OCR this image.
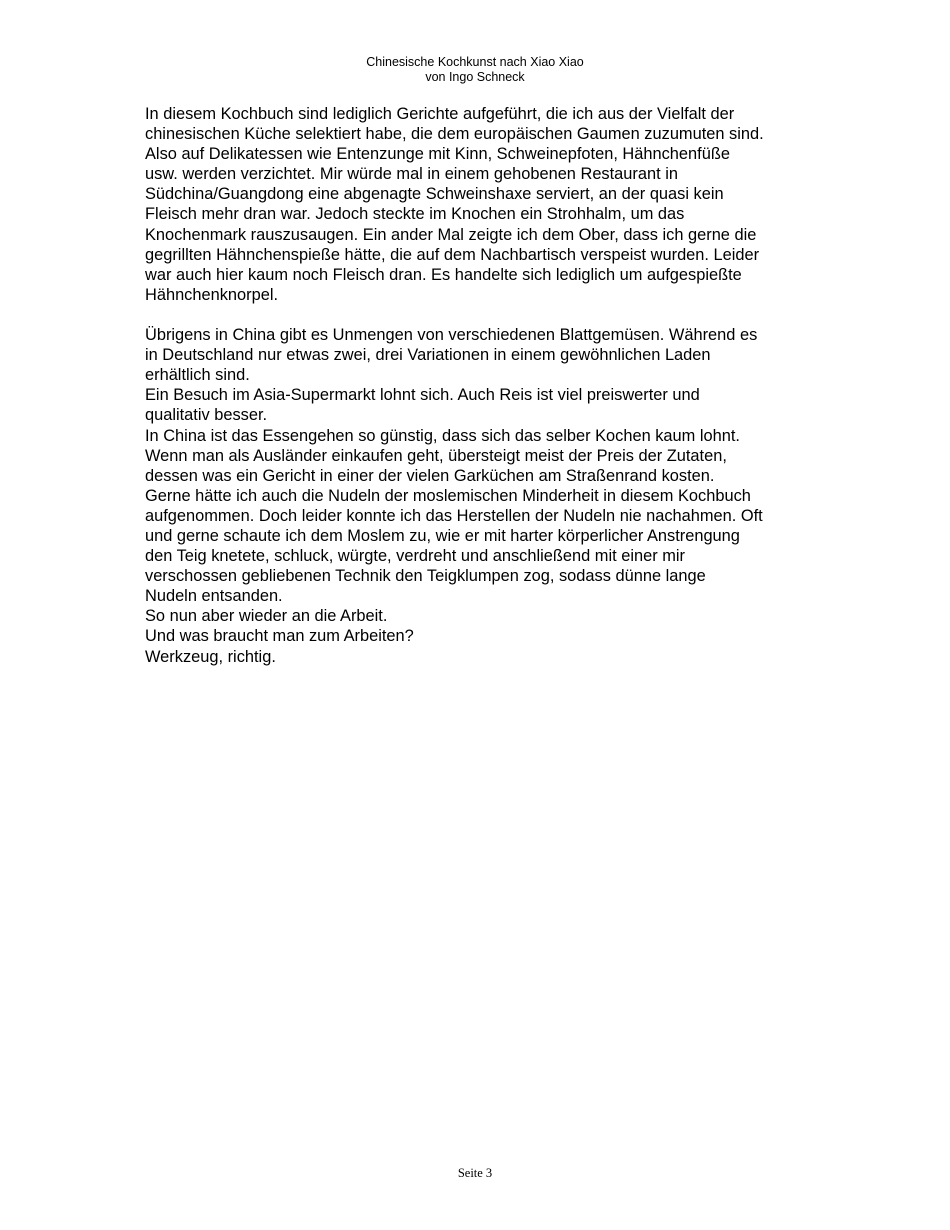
Chinesische Kochkunst nach Xiao Xiao
von Ingo Schneck
In diesem Kochbuch sind lediglich Gerichte aufgeführt, die ich aus der Vielfalt der
chinesischen Küche selektiert habe, die dem europäischen Gaumen zuzumuten sind.
Also auf Delikatessen wie Entenzunge mit Kinn, Schweinepfoten, Hähnchenfüße
usw. werden verzichtet. Mir würde mal in einem gehobenen Restaurant in
Südchina/Guangdong eine abgenagte Schweinshaxe serviert, an der quasi kein
Fleisch mehr dran war. Jedoch steckte im Knochen ein Strohhalm, um das
Knochenmark rauszusaugen. Ein ander Mal zeigte ich dem Ober, dass ich gerne die
gegrillten Hähnchenspieße hätte, die auf dem Nachbartisch verspeist wurden. Leider
war auch hier kaum noch Fleisch dran. Es handelte sich lediglich um aufgespießte
Hähnchenknorpel.
Übrigens in China gibt es Unmengen von verschiedenen Blattgemüsen. Während es
in Deutschland nur etwas zwei, drei Variationen in einem gewöhnlichen Laden
erhältlich sind.
Ein Besuch im Asia-Supermarkt lohnt sich. Auch Reis ist viel preiswerter und
qualitativ besser.
In China ist das Essengehen so günstig, dass sich das selber Kochen kaum lohnt.
Wenn man als Ausländer einkaufen geht, übersteigt meist der Preis der Zutaten,
dessen was ein Gericht in einer der vielen Garküchen am Straßenrand kosten.
Gerne hätte ich auch die Nudeln der moslemischen Minderheit in diesem Kochbuch
aufgenommen. Doch leider konnte ich das Herstellen der Nudeln nie nachahmen. Oft
und gerne schaute ich dem Moslem zu, wie er mit harter körperlicher Anstrengung
den Teig knetete, schluck, würgte, verdreht und anschließend mit einer mir
verschossen gebliebenen Technik den Teigklumpen zog, sodass dünne lange
Nudeln entsanden.
So nun aber wieder an die Arbeit.
Und was braucht man zum Arbeiten?
Werkzeug, richtig.
Seite 3
